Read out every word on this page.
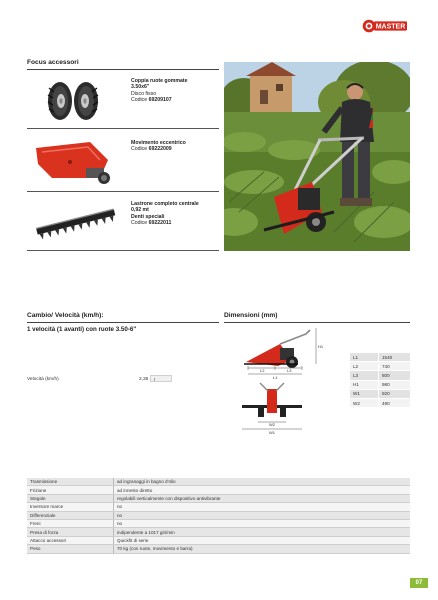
MASTER
Focus accessori
Coppia ruote gommate
3.50x6"
Disco fisso
Codice 69209107
Movimento eccentrico
Codice 69222009
Lastrone completo centrale
0,92 mt
Denti speciali
Codice 69222011
Cambio/ Velocità (km/h):
1 velocità (1 avanti) con ruote 3.50-6"
Velocità (km/h)	2,35	I
Dimensioni (mm)
H1
L2	L3
L1
W2
W1
L1	1540
L2	740
L3	800
H1	980
W1	920
W2	490
Trasmissione	ad ingranaggi in bagno d'olio
Frizione	ad innesto diretto
Stegole	regolabili verticalmente con dispositivo antivibrante
Inversore marce	no
Differenziale	no
Freni	no
Presa di forza	indipendente a 1017 giri/min
Attacco accessori	Quickfit di serie
Peso	70 kg (con ruote, movimento e barra)
07
